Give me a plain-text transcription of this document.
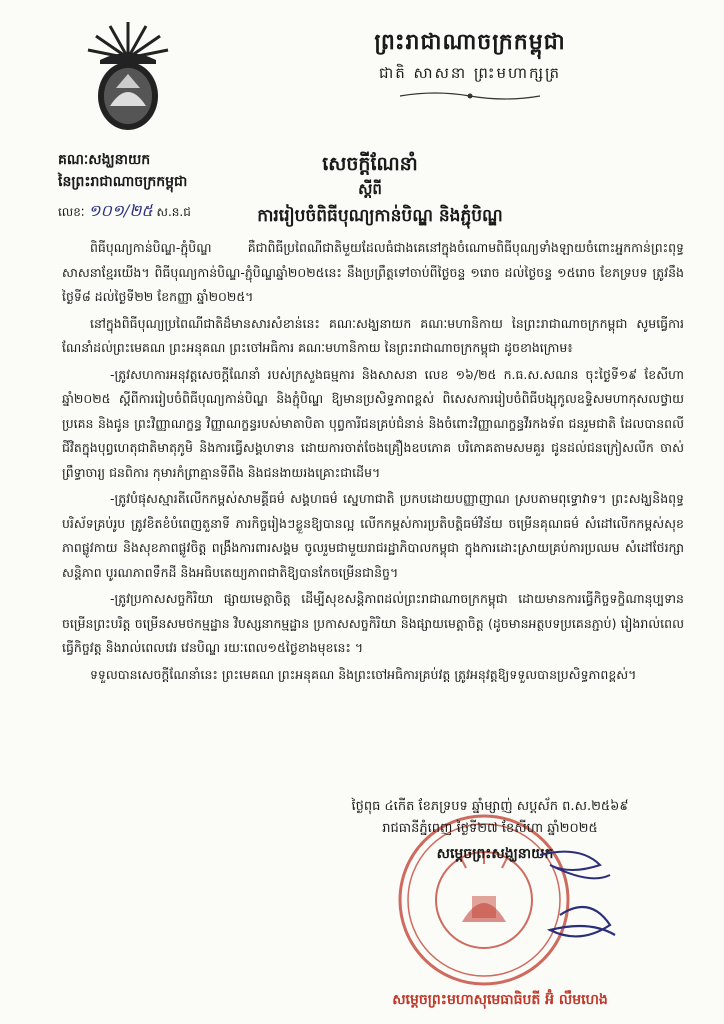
ព្រះរាជាណាចក្រកម្ពុជា
ជាតិ សាសនា ព្រះមហាក្សត្រ
គណៈសង្ឃនាយក
នៃព្រះរាជាណាចក្រកម្ពុជា
លេខៈ ១០១/២៥ ស.ន.ជ
សេចក្តីណែនាំ
ស្តីពី
ការរៀបចំពិធីបុណ្យកាន់បិណ្ឌ និងភ្ជុំបិណ្ឌ

ពិធីបុណ្យកាន់បិណ្ឌ-ភ្ជុំបិណ្ឌ គឺជាពិធីប្រពៃណីជាតិមួយដែលធំជាងគេនៅក្នុងចំណោមពិធីបុណ្យទាំងឡាយចំពោះអ្នកកាន់ព្រះពុទ្ធសាសនាខ្មែរយើង។ ពិធីបុណ្យកាន់បិណ្ឌ-ភ្ជុំបិណ្ឌឆ្នាំ២០២៥នេះ នឹងប្រព្រឹត្តទៅចាប់ពីថ្ងៃចន្ទ ១រោច ដល់ថ្ងៃចន្ទ ១៥រោច ខែភទ្របទ ត្រូវនឹងថ្ងៃទី៨ ដល់ថ្ងៃទី២២ ខែកញ្ញា ឆ្នាំ២០២៥។

នៅក្នុងពិធីបុណ្យប្រពៃណីជាតិដ៏មានសារសំខាន់នេះ គណៈសង្ឃនាយក គណៈមហានិកាយ នៃព្រះរាជាណាចក្រកម្ពុជា សូមធ្វើការណែនាំដល់ព្រះមេគណ ព្រះអនុគណ ព្រះចៅអធិការ គណៈមហានិកាយ នៃព្រះរាជាណាចក្រកម្ពុជា ដូចខាងក្រោម៖

-ត្រូវសហការអនុវត្តសេចក្តីណែនាំ របស់ក្រសួងធម្មការ និងសាសនា លេខ ១៦/២៥ ក.ធ.ស.សណន ចុះថ្ងៃទី១៩ ខែសីហា ឆ្នាំ២០២៥ ស្តីពីការរៀបចំពិធីបុណ្យកាន់បិណ្ឌ និងភ្ជុំបិណ្ឌ ឱ្យមានប្រសិទ្ធភាពខ្ពស់ ពិសេសការរៀបចំពិធីបង្សុកូលឧទ្ទិសមហាកុសលថ្វាយ ប្រគេន និងជូន ព្រះវិញ្ញាណក្ខន្ធ វិញ្ញាណក្ខន្ធរបស់មាតាបិតា បុព្វការីជនគ្រប់ជំនាន់ និងចំពោះវិញ្ញាណក្ខន្ធវីរកងទ័ព ជនរួមជាតិ ដែលបានពលីជីវិតក្នុងបុព្វហេតុជាតិមាតុភូមិ និងការធ្វើសង្គហទាន ដោយការចាត់ចែងគ្រឿងឧបភោគ បរិភោគតាមសមគួរ ជូនដល់ជនក្រៀសលីក ចាស់ព្រឹទ្ធាចារ្យ ជនពិការ កុមារកំព្រាគ្មានទីពឹង និងជនងាយរងគ្រោះជាដើម។

-ត្រូវបំផុសស្មារតីលើកកម្ពស់សាមគ្គីធម៌ សង្គហធម៌ ស្នេហាជាតិ ប្រកបដោយបញ្ញាញាណ ស្របតាមពុទ្ធោវាទ។ ព្រះសង្ឃនិងពុទ្ធបរិស័ទគ្រប់រូប ត្រូវខិតខំបំពេញតួនាទី ភារកិច្ចរៀងៗខ្លួនឱ្យបានល្អ លើកកម្ពស់ការប្រតិបត្តិធម៌វិន័យ ចម្រើនគុណធម៌ សំដៅលើកកម្ពស់សុខភាពផ្លូវកាយ និងសុខភាពផ្លូវចិត្ត ពង្រឹងការពារសង្គម ចូលរួមជាមួយរាជរដ្ឋាភិបាលកម្ពុជា ក្នុងការដោះស្រាយគ្រប់ការប្រឈម សំដៅថែរក្សាសន្តិភាព បូរណភាពទឹកដី និងអធិបតេយ្យភាពជាតិឱ្យបានកែចម្រើនជានិច្ច។

-ត្រូវប្រកាសសច្ចកិរិយា ផ្សាយមេត្តាចិត្ត ដើម្បីសុខសន្តិភាពដល់ព្រះរាជាណាចក្រកម្ពុជា ដោយមានការធ្វើកិច្ចទក្ខិណានុប្បទាន ចម្រើនព្រះបរិត្ត ចម្រើនសមថកម្មដ្ឋាន វិបស្សនាកម្មដ្ឋាន ប្រកាសសច្ចកិរិយា និងផ្សាយមេត្តាចិត្ត (ដូចមានអត្ថបទប្រគេនភ្ជាប់) រៀងរាល់ពេលធ្វើកិច្ចវត្ត និងរាល់ពេលវេរ វេនបិណ្ឌ រយៈពេល១៥ថ្ងៃខាងមុខនេះ ។

ទទួលបានសេចក្តីណែនាំនេះ ព្រះមេគណ ព្រះអនុគណ និងព្រះចៅអធិការគ្រប់វត្ត ត្រូវអនុវត្តឱ្យទទួលបានប្រសិទ្ធភាពខ្ពស់។

ថ្ងៃពុធ ៤កើត ខែភទ្របទ ឆ្នាំម្សាញ់ សប្តស័ក ព.ស.២៥៦៩
រាជធានីភ្នំពេញ ថ្ងៃទី២៧ ខែសីហា ឆ្នាំ២០២៥
សម្តេចព្រះសង្ឃនាយក
សម្តេចព្រះមហាសុមេធាធិបតី អ៊ំ លឹមហេង
